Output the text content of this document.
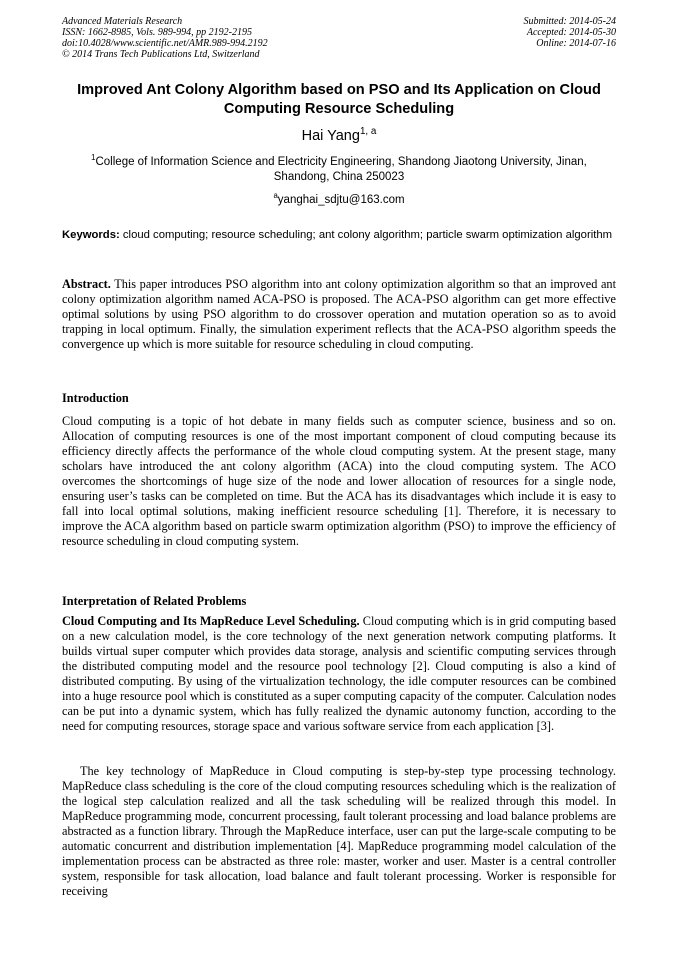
Advanced Materials Research
ISSN: 1662-8985, Vols. 989-994, pp 2192-2195
doi:10.4028/www.scientific.net/AMR.989-994.2192
© 2014 Trans Tech Publications Ltd, Switzerland
Submitted: 2014-05-24
Accepted: 2014-05-30
Online: 2014-07-16
Improved Ant Colony Algorithm based on PSO and Its Application on Cloud Computing Resource Scheduling
Hai Yang$^{1, a}$
$^1$College of Information Science and Electricity Engineering, Shandong Jiaotong University, Jinan, Shandong, China 250023
$^a$yanghai_sdjtu@163.com
Keywords: cloud computing; resource scheduling; ant colony algorithm; particle swarm optimization algorithm

Abstract. This paper introduces PSO algorithm into ant colony optimization algorithm so that an improved ant colony optimization algorithm named ACA-PSO is proposed. The ACA-PSO algorithm can get more effective optimal solutions by using PSO algorithm to do crossover operation and mutation operation so as to avoid trapping in local optimum. Finally, the simulation experiment reflects that the ACA-PSO algorithm speeds the convergence up which is more suitable for resource scheduling in cloud computing.

Introduction

Cloud computing is a topic of hot debate in many fields such as computer science, business and so on. Allocation of computing resources is one of the most important component of cloud computing because its efficiency directly affects the performance of the whole cloud computing system. At the present stage, many scholars have introduced the ant colony algorithm (ACA) into the cloud computing system. The ACO overcomes the shortcomings of huge size of the node and lower allocation of resources for a single node, ensuring user’s tasks can be completed on time. But the ACA has its disadvantages which include it is easy to fall into local optimal solutions, making inefficient resource scheduling [1]. Therefore, it is necessary to improve the ACA algorithm based on particle swarm optimization algorithm (PSO) to improve the efficiency of resource scheduling in cloud computing system.

Interpretation of Related Problems

Cloud Computing and Its MapReduce Level Scheduling. Cloud computing which is in grid computing based on a new calculation model, is the core technology of the next generation network computing platforms. It builds virtual super computer which provides data storage, analysis and scientific computing services through the distributed computing model and the resource pool technology [2]. Cloud computing is also a kind of distributed computing. By using of the virtualization technology, the idle computer resources can be combined into a huge resource pool which is constituted as a super computing capacity of the computer. Calculation nodes can be put into a dynamic system, which has fully realized the dynamic autonomy function, according to the need for computing resources, storage space and various software service from each application [3].

The key technology of MapReduce in Cloud computing is step-by-step type processing technology. MapReduce class scheduling is the core of the cloud computing resources scheduling which is the realization of the logical step calculation realized and all the task scheduling will be realized through this model. In MapReduce programming mode, concurrent processing, fault tolerant processing and load balance problems are abstracted as a function library. Through the MapReduce interface, user can put the large-scale computing to be automatic concurrent and distribution implementation [4]. MapReduce programming model calculation of the implementation process can be abstracted as three role: master, worker and user. Master is a central controller system, responsible for task allocation, load balance and fault tolerant processing. Worker is responsible for receiving
